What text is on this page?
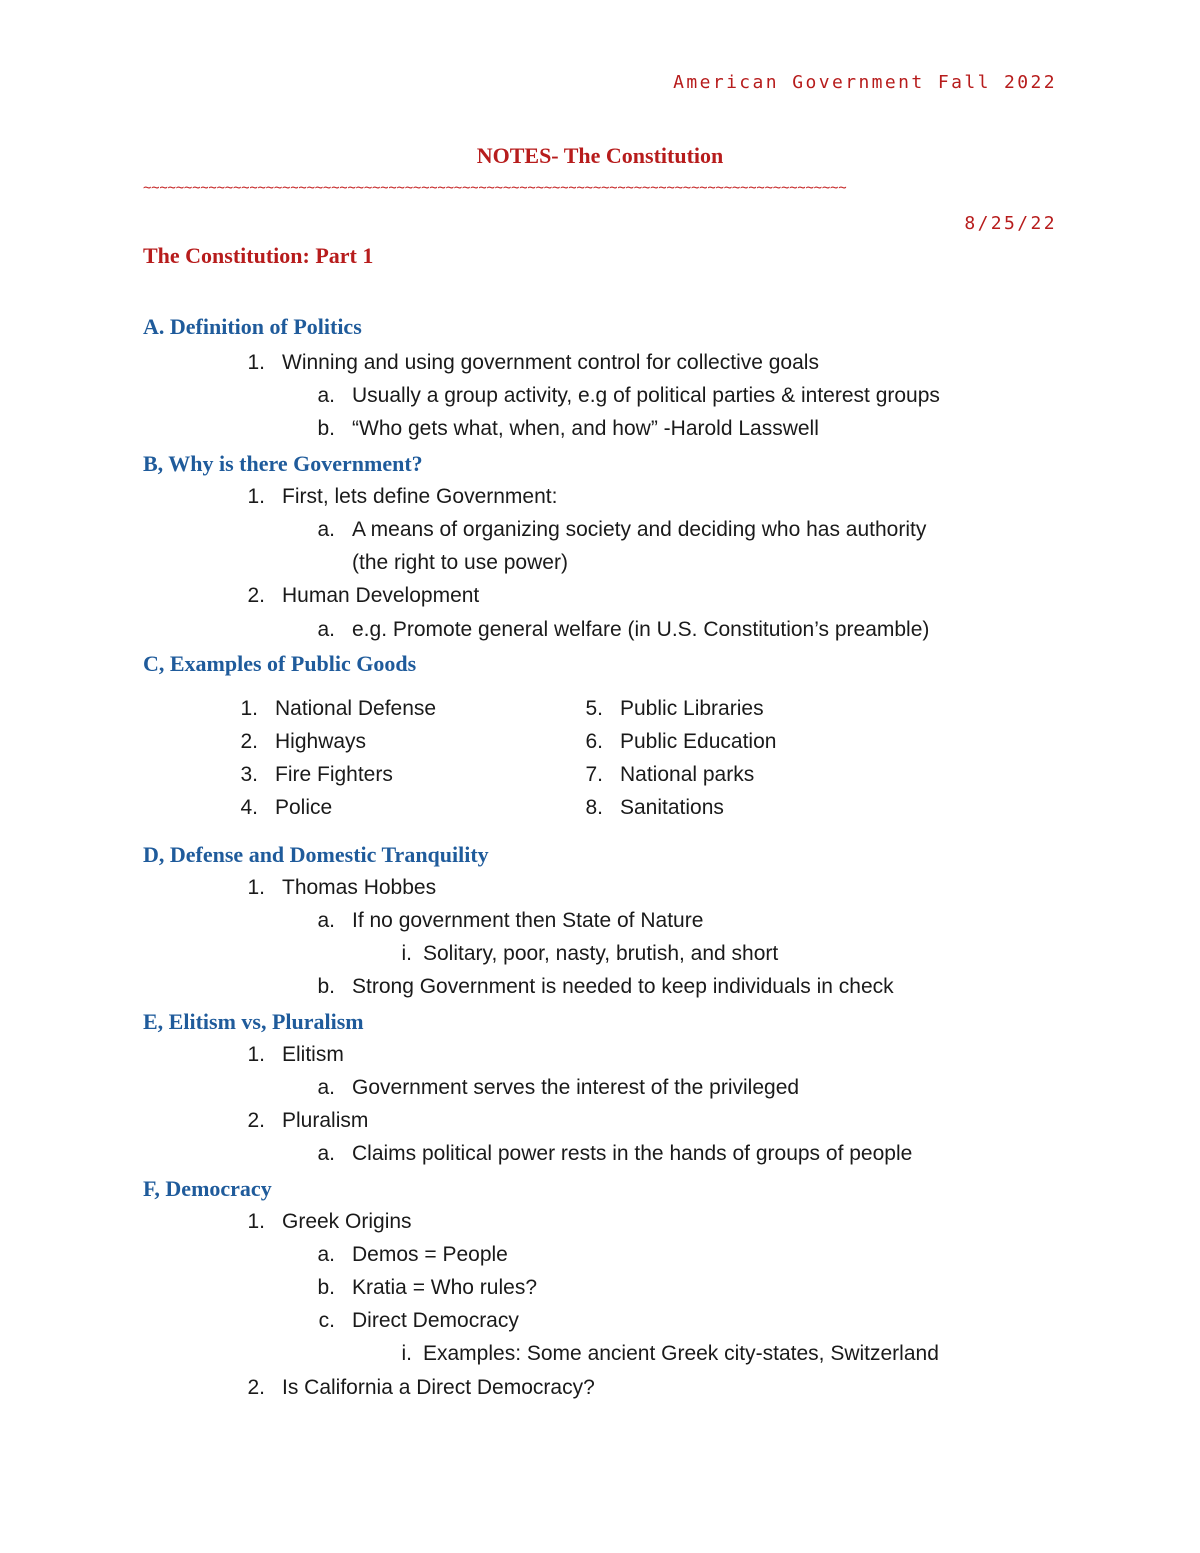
American Government Fall 2022
NOTES- The Constitution
~~~~~~~~~~~~~~~~~~~~~~~~~~~~~~~~~~~~~~~~~~~~~~~~~~~~~~~~~~~~~~~~~~~~~~~~~~~~~~~~~~~~~~
8/25/22
The Constitution: Part 1
A. Definition of Politics
1. Winning and using government control for collective goals
a. Usually a group activity, e.g of political parties & interest groups
b. “Who gets what, when, and how” -Harold Lasswell
B, Why is there Government?
1. First, lets define Government:
a. A means of organizing society and deciding who has authority
(the right to use power)
2. Human Development
a. e.g. Promote general welfare (in U.S. Constitution’s preamble)
C, Examples of Public Goods
1. National Defense
2. Highways
3. Fire Fighters
4. Police
5. Public Libraries
6. Public Education
7. National parks
8. Sanitations
D, Defense and Domestic Tranquility
1. Thomas Hobbes
a. If no government then State of Nature
i. Solitary, poor, nasty, brutish, and short
b. Strong Government is needed to keep individuals in check
E, Elitism vs, Pluralism
1. Elitism
a. Government serves the interest of the privileged
2. Pluralism
a. Claims political power rests in the hands of groups of people
F, Democracy
1. Greek Origins
a. Demos = People
b. Kratia = Who rules?
c. Direct Democracy
i. Examples: Some ancient Greek city-states, Switzerland
2. Is California a Direct Democracy?
